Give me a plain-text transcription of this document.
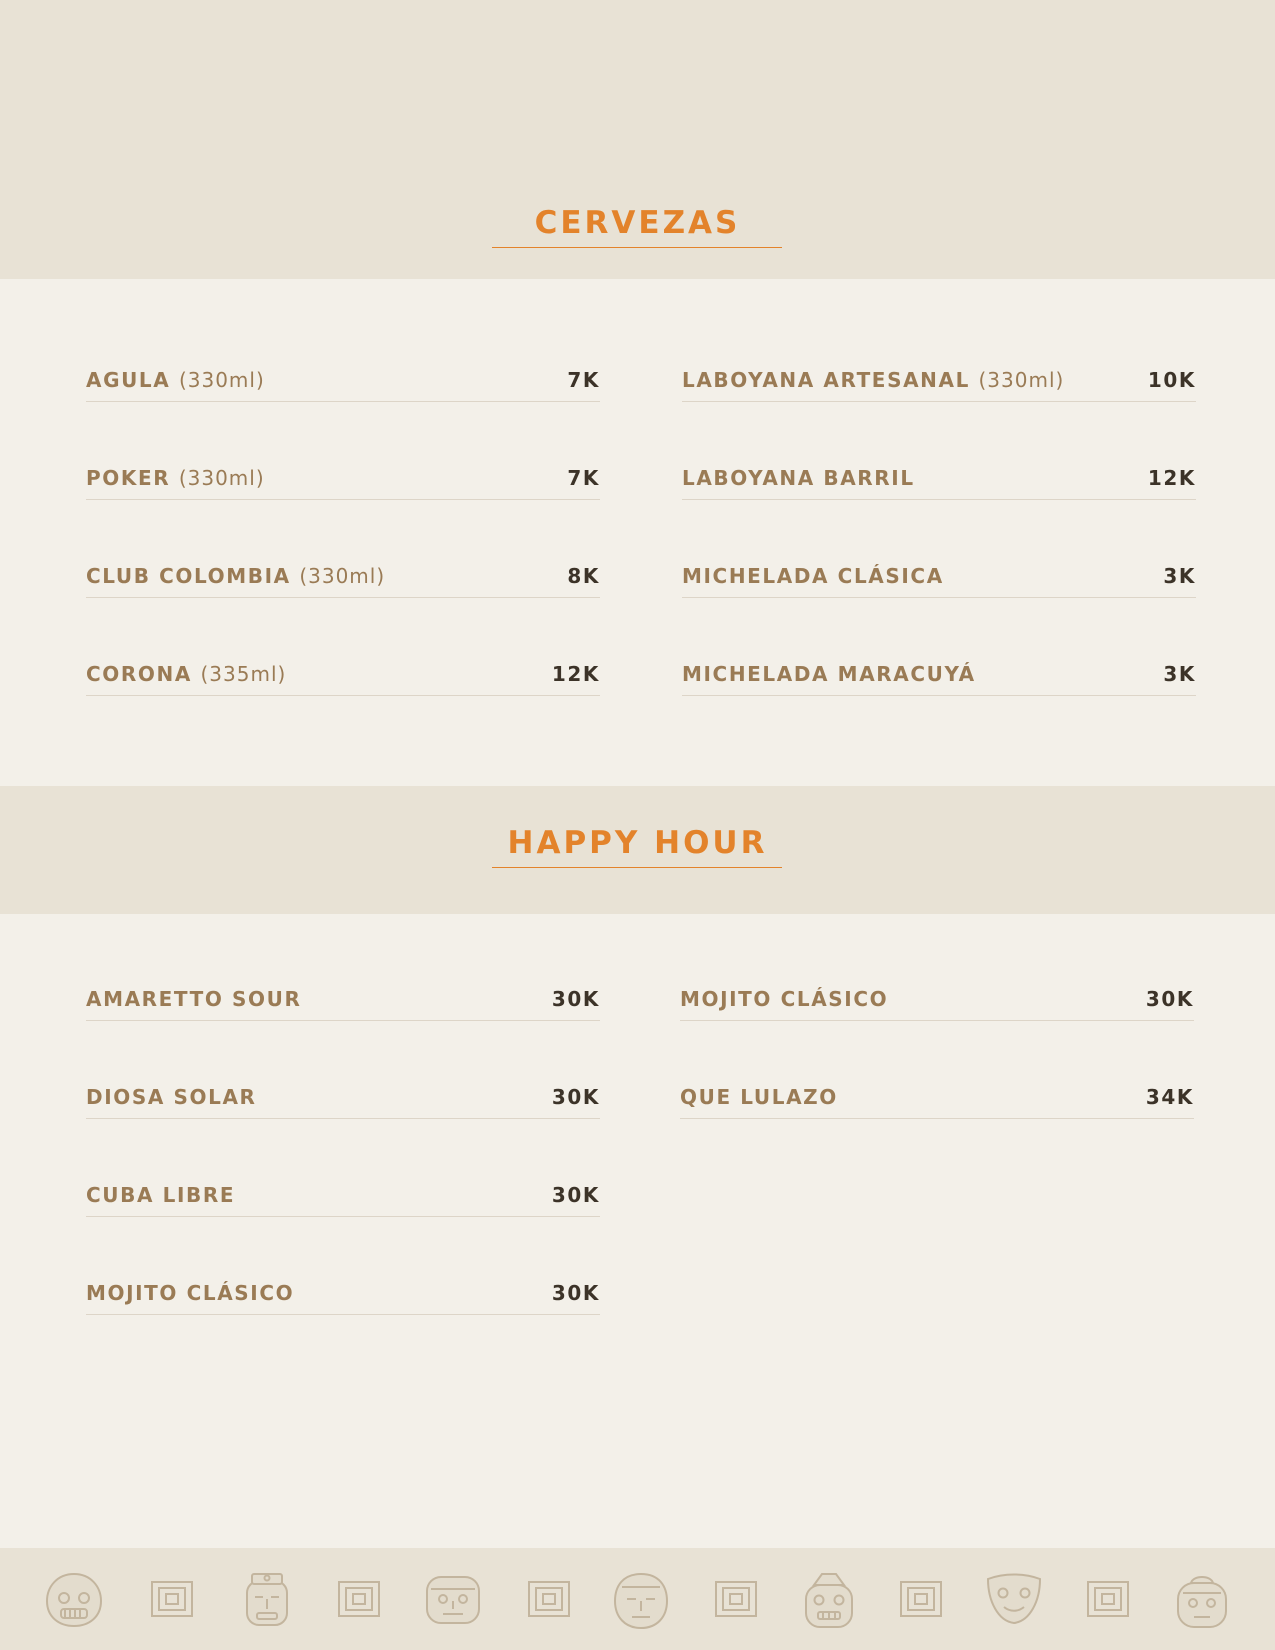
CERVEZAS
AGULA (330ml)	7K
POKER (330ml)	7K
CLUB COLOMBIA (330ml)	8K
CORONA (335ml)	12K
LABOYANA ARTESANAL (330ml)	10K
LABOYANA BARRIL	12K
MICHELADA CLÁSICA	3K
MICHELADA MARACUYÁ	3K
HAPPY HOUR
AMARETTO SOUR	30K
DIOSA SOLAR	30K
CUBA LIBRE	30K
MOJITO CLÁSICO	30K
MOJITO CLÁSICO	30K
QUE LULAZO	34K
